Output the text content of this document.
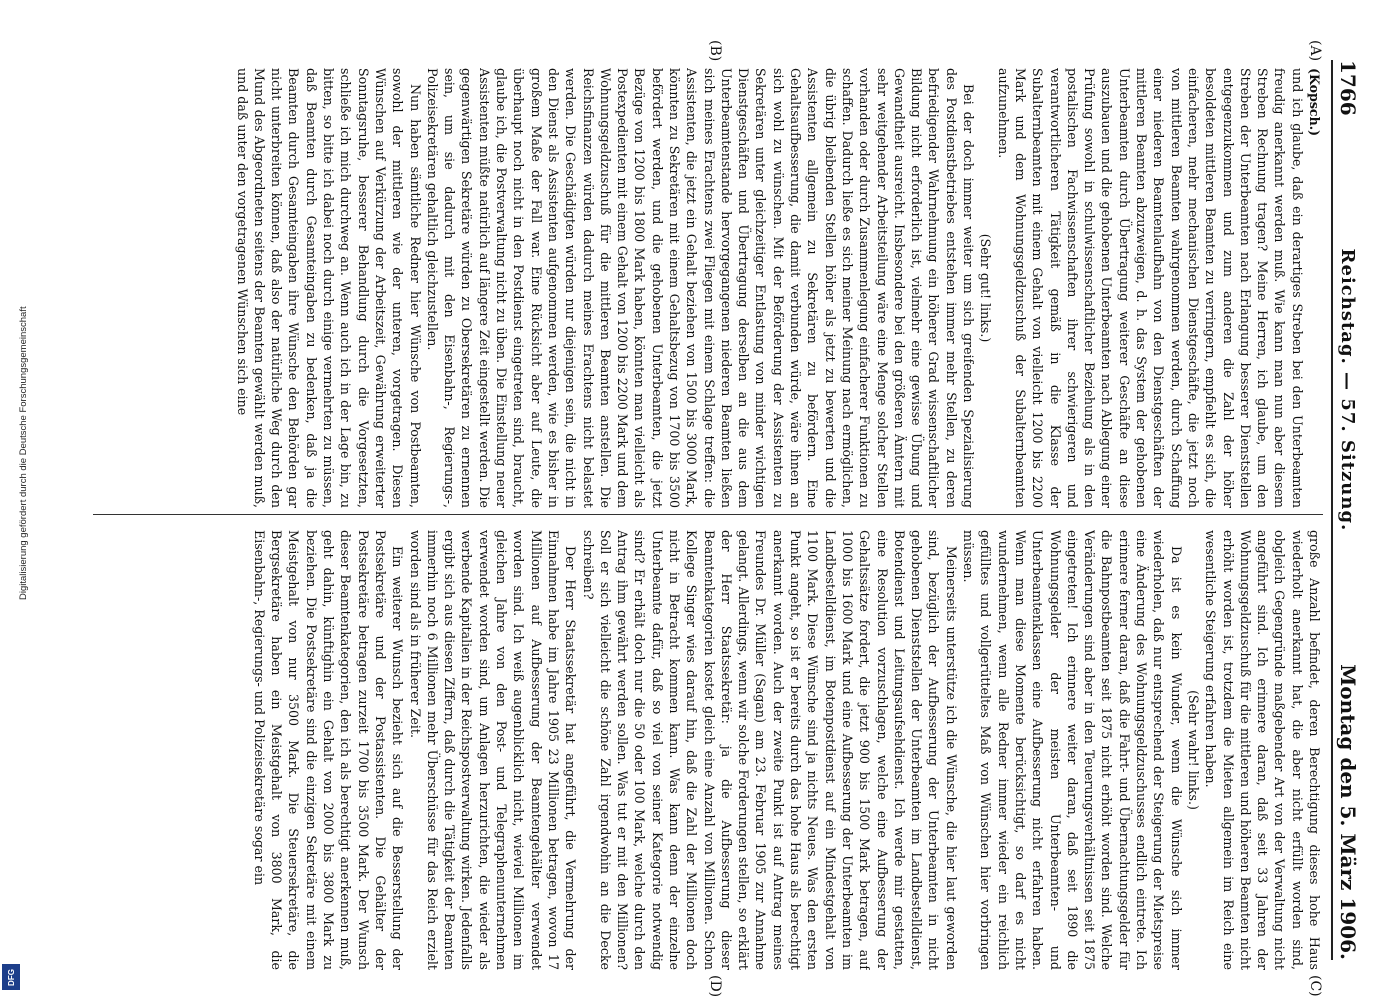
Digitalisierung gefördert durch die Deutsche Forschungsgemeinschaft
DFG
1766
Reichstag. — 57. Sitzung.
Montag den 5. März 1906.
(A)
(B)
(C)
(D)

(Kopsch.)

und ich glaube, daß ein derartiges Streben bei den Unterbeamten freudig anerkannt werden muß. Wie kann man nun aber diesem Streben Rechnung tragen? Meine Herren, ich glaube, um den Streben der Unterbeamten nach Erlangung besserer Dienststellen entgegenzukommen und zum anderen die Zahl der höher besoldeten mittleren Beamten zu verringern, empfiehlt es sich, die einfacheren, mehr mechanischen Dienstgeschäfte, die jetzt noch von mittleren Beamten wahrgenommen werden, durch Schaffung einer niederen Beamtenlaufbahn von den Dienstgeschäften der mittleren Beamten abzuzweigen, d. h. das System der gehobenen Unterbeamten durch Übertragung weiterer Geschäfte an diese auszubauen und die gehobenen Unterbeamten nach Ablegung einer Prüfung sowohl in schulwissenschaftlicher Beziehung als in den postalischen Fachwissenschaften ihrer schwierigeren und verantwortlicheren Tätigkeit gemäß in die Klasse der Subalternbeamten mit einem Gehalt von vielleicht 1200 bis 2200 Mark und dem Wohnungsgeldzuschuß der Subalternbeamten aufzunehmen.

(Sehr gut! links.)

Bei der doch immer weiter um sich greifenden Spezialisierung des Postdienstbetriebes entstehen immer mehr Stellen, zu deren befriedigender Wahrnehmung ein höherer Grad wissenschaftlicher Bildung nicht erforderlich ist, vielmehr eine gewisse Übung und Gewandtheit ausreicht. Insbesondere bei den größeren Ämtern mit sehr weitgehender Arbeitsteilung wäre eine Menge solcher Stellen vorhanden oder durch Zusammenlegung einfacherer Funktionen zu schaffen. Dadurch ließe es sich meiner Meinung nach ermöglichen, die übrig bleibenden Stellen höher als jetzt zu bewerten und die Assistenten allgemein zu Sekretären zu befördern. Eine Gehaltsaufbesserung, die damit verbunden würde, wäre ihnen an sich wohl zu wünschen. Mit der Beförderung der Assistenten zu Sekretären unter gleichzeitiger Entlastung von minder wichtigen Dienstgeschäften und Übertragung derselben an die aus dem Unterbeamtenstande hervorgegangenen niederen Beamten ließen sich meines Erachtens zwei Fliegen mit einem Schlage treffen: die Assistenten, die jetzt ein Gehalt beziehen von 1500 bis 3000 Mark, könnten zu Sekretären mit einem Gehaltsbezug von 1700 bis 3500 befördert werden, und die gehobenen Unterbeamten, die jetzt Bezüge von 1200 bis 1800 Mark haben, könnten man vielleicht als Postexpedienten mit einem Gehalt von 1200 bis 2200 Mark und dem Wohnungsgeldzuschuß für die mittleren Beamten anstellen. Die Reichsfinanzen würden dadurch meines Erachtens nicht belastet werden. Die Geschädigten würden nur diejenigen sein, die nicht in den Dienst als Assistenten aufgenommen werden, wie es bisher in großem Maße der Fall war. Eine Rücksicht aber auf Leute, die überhaupt noch nicht in den Postdienst eingetreten sind, braucht, glaube ich, die Postverwaltung nicht zu üben. Die Einstellung neuer Assistenten müßte natürlich auf längere Zeit eingestellt werden. Die gegenwärtigen Sekretäre würden zu Obersekretären zu ernennen sein, um sie dadurch mit den Eisenbahn-, Regierungs-, Polizeisekretären gehaltlich gleichzustellen.

Nun haben sämtliche Redner hier Wünsche von Postbeamten, sowohl der mittleren wie der unteren, vorgetragen. Diesen Wünschen auf Verkürzung der Arbeitszeit, Gewährung erweiterter Sonntagsruhe, besserer Behandlung durch die Vorgesetzten, schließe ich mich durchweg an. Wenn auch ich in der Lage bin, zu bitten, so bitte ich dabei noch durch einige vermehrten zu müssen, daß Beamten durch Gesamteingaben zu bedenken, daß ja die Beamten durch Gesamteingaben ihre Wünsche den Behörden gar nicht unterbreiten können, daß also der natürliche Weg durch den Mund des Abgeordneten seitens der Beamten gewählt werden muß, und daß unter den vorgetragenen Wünschen sich eine

große Anzahl befindet, deren Berechtigung dieses hohe Haus wiederholt anerkannt hat, die aber nicht erfüllt worden sind, obgleich Gegengründe maßgebender Art von der Verwaltung nicht angeführt sind. Ich erinnere daran, daß seit 33 Jahren der Wohnungsgeldzuschuß für die mittleren und höheren Beamten nicht erhöht worden ist, trotzdem die Mieten allgemein im Reich eine wesentliche Steigerung erfahren haben.

(Sehr wahr! links.)

Da ist es kein Wunder, wenn die Wünsche sich immer wiederholen, daß nur entsprechend der Steigerung der Mietspreise eine Änderung des Wohnungsgeldzuschusses endlich eintrete. Ich erinnere ferner daran, daß die Fahrt- und Übernachtungsgelder für die Bahnpostbeamten seit 1875 nicht erhöht worden sind. Welche Veränderungen sind aber in den Teuerungsverhältnissen seit 1875 eingetreten! Ich erinnere weiter daran, daß seit 1890 die Wohnungsgelder der meisten Unterbeamten- und Unterbeamtenklassen eine Aufbesserung nicht erfahren haben. Wenn man diese Momente berücksichtigt, so darf es nicht wundernehmen, wenn alle Redner immer wieder ein reichlich gefülltes und vollgerütteltes Maß von Wünschen hier vorbringen müssen.

Meinerseits unterstütze ich die Wünsche, die hier laut geworden sind, bezüglich der Aufbesserung der Unterbeamten in nicht gehobenen Dienststellen der Unterbeamten im Landbestelldienst, Botendienst und Leitungsaufsehdienst. Ich werde mir gestatten, eine Resolution vorzuschlagen, welche eine Aufbesserung der Gehaltssätze fordert, die jetzt 900 bis 1500 Mark betragen, auf 1000 bis 1600 Mark und eine Aufbesserung der Unterbeamten im Landbestelldienst, im Botenpostdienst auf ein Mindestgehalt von 1100 Mark. Diese Wünsche sind ja nichts Neues. Was den ersten Punkt angeht, so ist er bereits durch das hohe Haus als berechtigt anerkannt worden. Auch der zweite Punkt ist auf Antrag meines Freundes Dr. Müller (Sagan) am 23. Februar 1905 zur Annahme gelangt. Allerdings, wenn wir solche Forderungen stellen, so erklärt der Herr Staatssekretär: ja die Aufbesserung dieser Beamtenkategorien kostet gleich eine Anzahl von Millionen. Schon Kollege Singer wies darauf hin, daß die Zahl der Millionen doch nicht in Betracht kommen kann. Was kann denn der einzelne Unterbeamte dafür, daß so viel von seiner Kategorie notwendig sind? Er erhält doch nur die 50 oder 100 Mark, welche durch den Antrag ihm gewährt werden sollen. Was tut er mit den Millionen? Soll er sich vielleicht die schöne Zahl irgendwohin an die Decke schreiben?

Der Herr Staatssekretär hat angeführt, die Vermehrung der Einnahmen habe im Jahre 1905 23 Millionen betragen, wovon 17 Millionen auf Aufbesserung der Beamtengehälter verwendet worden sind. Ich weiß augenblicklich nicht, wieviel Millionen im gleichen Jahre von den Post- und Telegraphenunternehmen verwendet worden sind, um Anlagen herzurichten, die wieder als werbende Kapitalien in der Reichspostverwaltung wirken. Jedenfalls ergibt sich aus diesen Ziffern, daß durch die Tätigkeit der Beamten immerhin noch 6 Millionen mehr Überschüsse für das Reich erzielt worden sind als in früherer Zeit.

Ein weiterer Wunsch bezieht sich auf die Besserstellung der Postsekretäre und der Postassistenten. Die Gehälter der Postsekretäre betragen zurzeit 1700 bis 3500 Mark. Der Wunsch dieser Beamtenkategorien, den ich als berechtigt anerkennen muß, geht dahin, künftighin ein Gehalt von 2000 bis 3800 Mark zu beziehen. Die Postsekretäre sind die einzigen Sekretäre mit einem Meistgehalt von nur 3500 Mark. Die Steuersekretäre, die Bergsekretäre haben ein Meistgehalt von 3800 Mark, die Eisenbahn-, Regierungs- und Polizeisekretäre sogar ein
